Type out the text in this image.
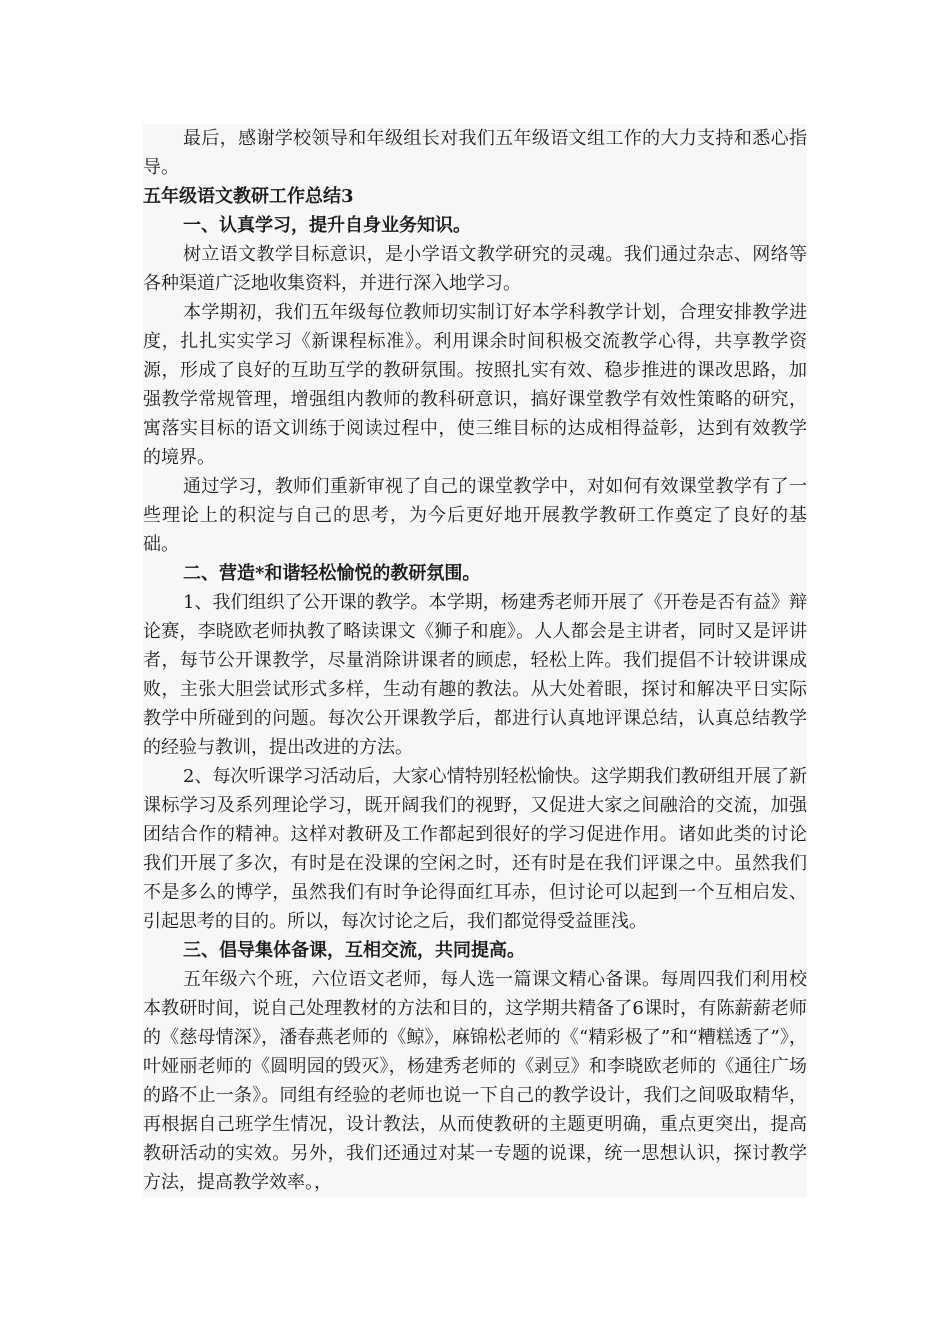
最后，感谢学校领导和年级组长对我们五年级语文组工作的大力支持和悉心指导。

五年级语文教研工作总结3

一、认真学习，提升自身业务知识。

树立语文教学目标意识，是小学语文教学研究的灵魂。我们通过杂志、网络等各种渠道广泛地收集资料，并进行深入地学习。

本学期初，我们五年级每位教师切实制订好本学科教学计划，合理安排教学进度，扎扎实实学习《新课程标准》。利用课余时间积极交流教学心得，共享教学资源，形成了良好的互助互学的教研氛围。按照扎实有效、稳步推进的课改思路，加强教学常规管理，增强组内教师的教科研意识，搞好课堂教学有效性策略的研究，寓落实目标的语文训练于阅读过程中，使三维目标的达成相得益彰，达到有效教学的境界。

通过学习，教师们重新审视了自己的课堂教学中，对如何有效课堂教学有了一些理论上的积淀与自己的思考，为今后更好地开展教学教研工作奠定了良好的基础。

二、营造*和谐轻松愉悦的教研氛围。

1、我们组织了公开课的教学。本学期，杨建秀老师开展了《开卷是否有益》辩论赛，李晓欧老师执教了略读课文《狮子和鹿》。人人都会是主讲者，同时又是评讲者，每节公开课教学，尽量消除讲课者的顾虑，轻松上阵。我们提倡不计较讲课成败，主张大胆尝试形式多样，生动有趣的教法。从大处着眼，探讨和解决平日实际教学中所碰到的问题。每次公开课教学后，都进行认真地评课总结，认真总结教学的经验与教训，提出改进的方法。

2、每次听课学习活动后，大家心情特别轻松愉快。这学期我们教研组开展了新课标学习及系列理论学习，既开阔我们的视野，又促进大家之间融洽的交流，加强团结合作的精神。这样对教研及工作都起到很好的学习促进作用。诸如此类的讨论我们开展了多次，有时是在没课的空闲之时，还有时是在我们评课之中。虽然我们不是多么的博学，虽然我们有时争论得面红耳赤，但讨论可以起到一个互相启发、引起思考的目的。所以，每次讨论之后，我们都觉得受益匪浅。

三、倡导集体备课，互相交流，共同提高。

五年级六个班，六位语文老师，每人选一篇课文精心备课。每周四我们利用校本教研时间，说自己处理教材的方法和目的，这学期共精备了6课时，有陈薪薪老师的《慈母情深》，潘春燕老师的《鲸》，麻锦松老师的《“精彩极了”和“糟糕透了”》，叶娅丽老师的《圆明园的毁灭》，杨建秀老师的《剥豆》和李晓欧老师的《通往广场的路不止一条》。同组有经验的老师也说一下自己的教学设计，我们之间吸取精华，再根据自己班学生情况，设计教法，从而使教研的主题更明确，重点更突出，提高教研活动的实效。另外，我们还通过对某一专题的说课，统一思想认识，探讨教学方法，提高教学效率。，
